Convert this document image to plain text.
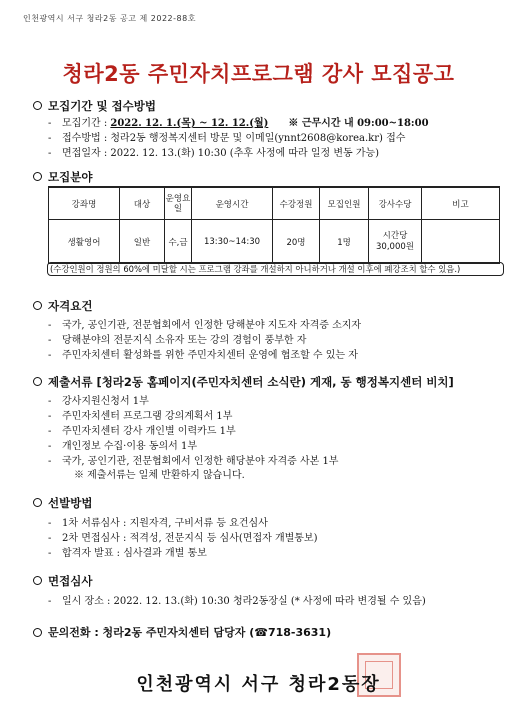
인천광역시 서구 청라2동 공고 제 2022-88호
청라2동 주민자치프로그램 강사 모집공고
모집기간 및 접수방법
- 모집기간 : 2022. 12. 1.(목) ~ 12. 12.(월) ※ 근무시간 내 09:00~18:00
- 접수방법 : 청라2동 행정복지센터 방문 및 이메일(ynnt2608@korea.kr) 접수
- 면접일자 : 2022. 12. 13.(화) 10:30 (추후 사정에 따라 일정 변동 가능)
모집분야
강좌명	대상	운영요일	운영시간	수강정원	모집인원	강사수당	비고
생활영어	일반	수,금	13:30~14:30	20명	1명	시간당
30,000원	
(수강인원이 정원의 60%에 미달할 시는 프로그램 강좌를 개설하지 아니하거나 개설 이후에 폐강조치 할수 있음.)
자격요건
- 국가, 공인기관, 전문협회에서 인정한 당해분야 지도자 자격증 소지자
- 당해분야의 전문지식 소유자 또는 강의 경험이 풍부한 자
- 주민자치센터 활성화를 위한 주민자치센터 운영에 협조할 수 있는 자
제출서류 [청라2동 홈페이지(주민자치센터 소식란) 게재, 동 행정복지센터 비치]
- 강사지원신청서 1부
- 주민자치센터 프로그램 강의계획서 1부
- 주민자치센터 강사 개인별 이력카드 1부
- 개인정보 수집·이용 동의서 1부
- 국가, 공인기관, 전문협회에서 인정한 해당분야 자격증 사본 1부
※ 제출서류는 일체 반환하지 않습니다.
선발방법
- 1차 서류심사 : 지원자격, 구비서류 등 요건심사
- 2차 면접심사 : 적격성, 전문지식 등 심사(면접자 개별통보)
- 합격자 발표 : 심사결과 개별 통보
면접심사
- 일시 장소 : 2022. 12. 13.(화) 10:30 청라2동장실 (* 사정에 따라 변경될 수 있음)
문의전화 : 청라2동 주민자치센터 담당자 (☎718-3631)
인천광역시 서구 청라2동장
